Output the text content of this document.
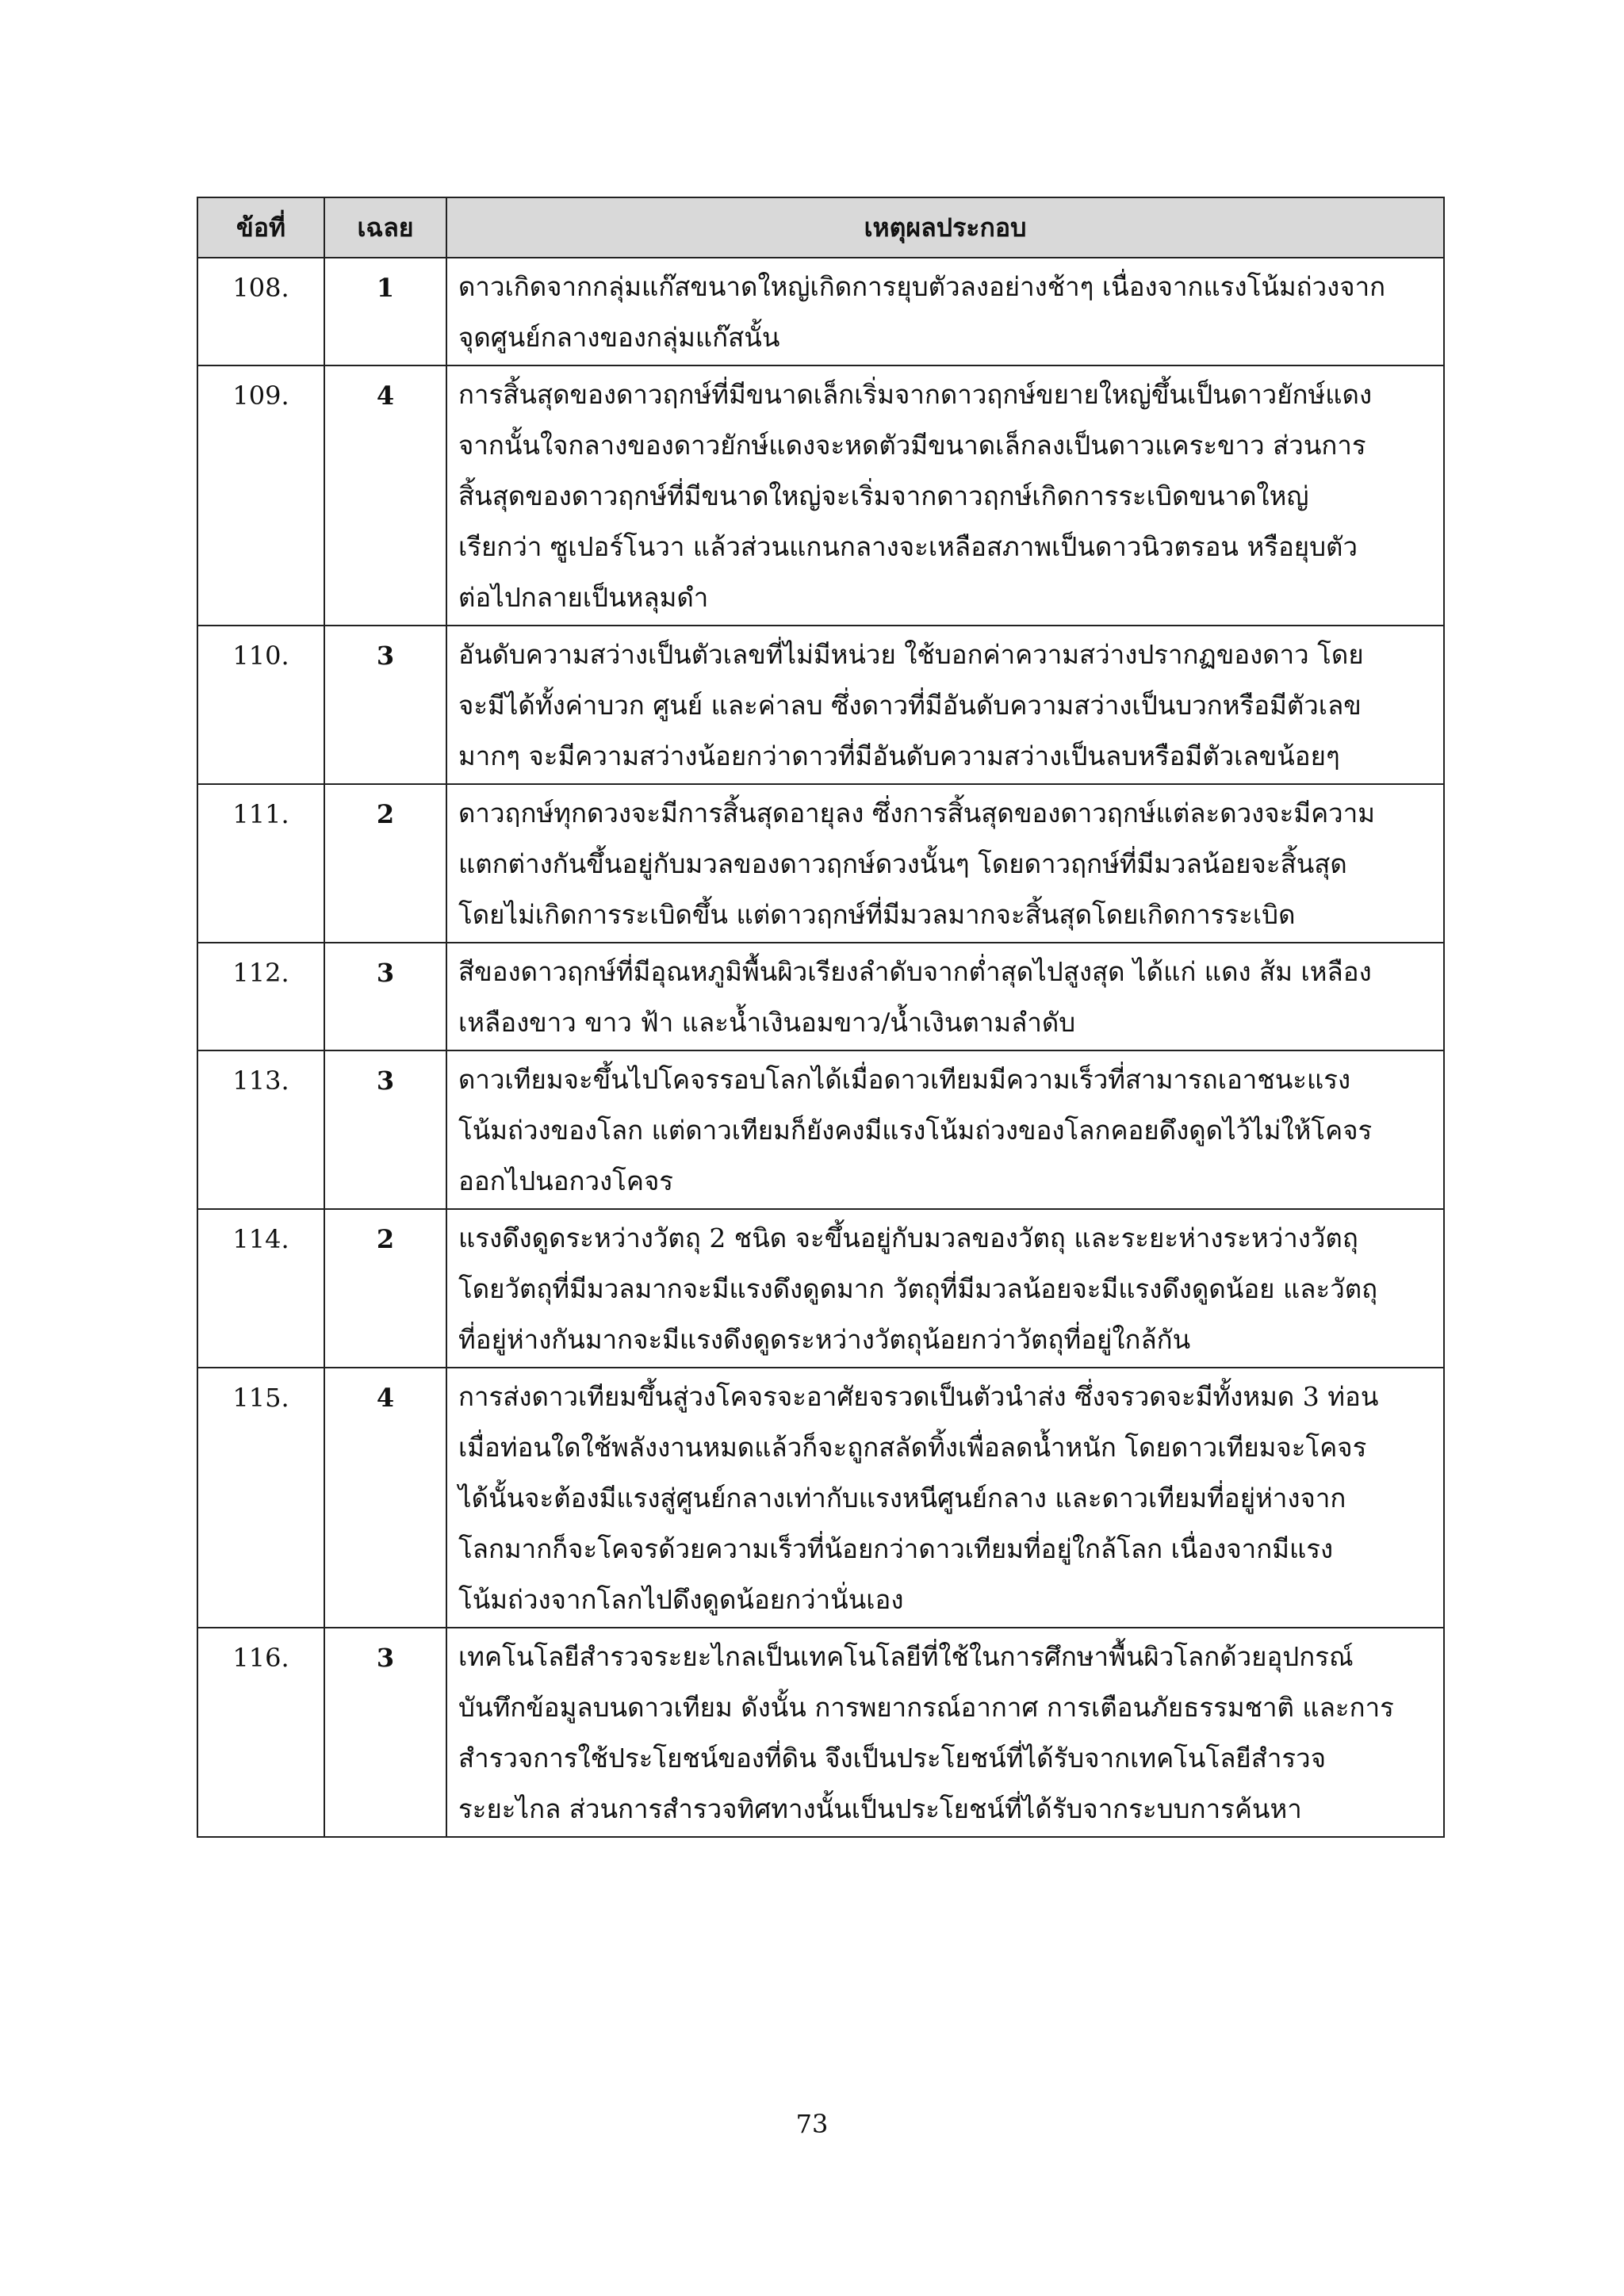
ข้อที่	เฉลย	เหตุผลประกอบ
108.	1	ดาวเกิดจากกลุ่มแก๊สขนาดใหญ่เกิดการยุบตัวลงอย่างช้าๆ เนื่องจากแรงโน้มถ่วงจาก
จุดศูนย์กลางของกลุ่มแก๊สนั้น

109.	4	การสิ้นสุดของดาวฤกษ์ที่มีขนาดเล็กเริ่มจากดาวฤกษ์ขยายใหญ่ขึ้นเป็นดาวยักษ์แดง
จากนั้นใจกลางของดาวยักษ์แดงจะหดตัวมีขนาดเล็กลงเป็นดาวแคระขาว ส่วนการ
สิ้นสุดของดาวฤกษ์ที่มีขนาดใหญ่จะเริ่มจากดาวฤกษ์เกิดการระเบิดขนาดใหญ่
เรียกว่า ซูเปอร์โนวา แล้วส่วนแกนกลางจะเหลือสภาพเป็นดาวนิวตรอน หรือยุบตัว
ต่อไปกลายเป็นหลุมดำ

110.	3	อันดับความสว่างเป็นตัวเลขที่ไม่มีหน่วย ใช้บอกค่าความสว่างปรากฏของดาว โดย
จะมีได้ทั้งค่าบวก ศูนย์ และค่าลบ ซึ่งดาวที่มีอันดับความสว่างเป็นบวกหรือมีตัวเลข
มากๆ จะมีความสว่างน้อยกว่าดาวที่มีอันดับความสว่างเป็นลบหรือมีตัวเลขน้อยๆ

111.	2	ดาวฤกษ์ทุกดวงจะมีการสิ้นสุดอายุลง ซึ่งการสิ้นสุดของดาวฤกษ์แต่ละดวงจะมีความ
แตกต่างกันขึ้นอยู่กับมวลของดาวฤกษ์ดวงนั้นๆ โดยดาวฤกษ์ที่มีมวลน้อยจะสิ้นสุด
โดยไม่เกิดการระเบิดขึ้น แต่ดาวฤกษ์ที่มีมวลมากจะสิ้นสุดโดยเกิดการระเบิด

112.	3	สีของดาวฤกษ์ที่มีอุณหภูมิพื้นผิวเรียงลำดับจากต่ำสุดไปสูงสุด ได้แก่ แดง ส้ม เหลือง
เหลืองขาว ขาว ฟ้า และน้ำเงินอมขาว/น้ำเงินตามลำดับ

113.	3	ดาวเทียมจะขึ้นไปโคจรรอบโลกได้เมื่อดาวเทียมมีความเร็วที่สามารถเอาชนะแรง
โน้มถ่วงของโลก แต่ดาวเทียมก็ยังคงมีแรงโน้มถ่วงของโลกคอยดึงดูดไว้ไม่ให้โคจร
ออกไปนอกวงโคจร

114.	2	แรงดึงดูดระหว่างวัตถุ 2 ชนิด จะขึ้นอยู่กับมวลของวัตถุ และระยะห่างระหว่างวัตถุ
โดยวัตถุที่มีมวลมากจะมีแรงดึงดูดมาก วัตถุที่มีมวลน้อยจะมีแรงดึงดูดน้อย และวัตถุ
ที่อยู่ห่างกันมากจะมีแรงดึงดูดระหว่างวัตถุน้อยกว่าวัตถุที่อยู่ใกล้กัน

115.	4	การส่งดาวเทียมขึ้นสู่วงโคจรจะอาศัยจรวดเป็นตัวนำส่ง ซึ่งจรวดจะมีทั้งหมด 3 ท่อน
เมื่อท่อนใดใช้พลังงานหมดแล้วก็จะถูกสลัดทิ้งเพื่อลดน้ำหนัก โดยดาวเทียมจะโคจร
ได้นั้นจะต้องมีแรงสู่ศูนย์กลางเท่ากับแรงหนีศูนย์กลาง และดาวเทียมที่อยู่ห่างจาก
โลกมากก็จะโคจรด้วยความเร็วที่น้อยกว่าดาวเทียมที่อยู่ใกล้โลก เนื่องจากมีแรง
โน้มถ่วงจากโลกไปดึงดูดน้อยกว่านั่นเอง

116.	3	เทคโนโลยีสำรวจระยะไกลเป็นเทคโนโลยีที่ใช้ในการศึกษาพื้นผิวโลกด้วยอุปกรณ์
บันทึกข้อมูลบนดาวเทียม ดังนั้น การพยากรณ์อากาศ การเตือนภัยธรรมชาติ และการ
สำรวจการใช้ประโยชน์ของที่ดิน จึงเป็นประโยชน์ที่ได้รับจากเทคโนโลยีสำรวจ
ระยะไกล ส่วนการสำรวจทิศทางนั้นเป็นประโยชน์ที่ได้รับจากระบบการค้นหา
73
